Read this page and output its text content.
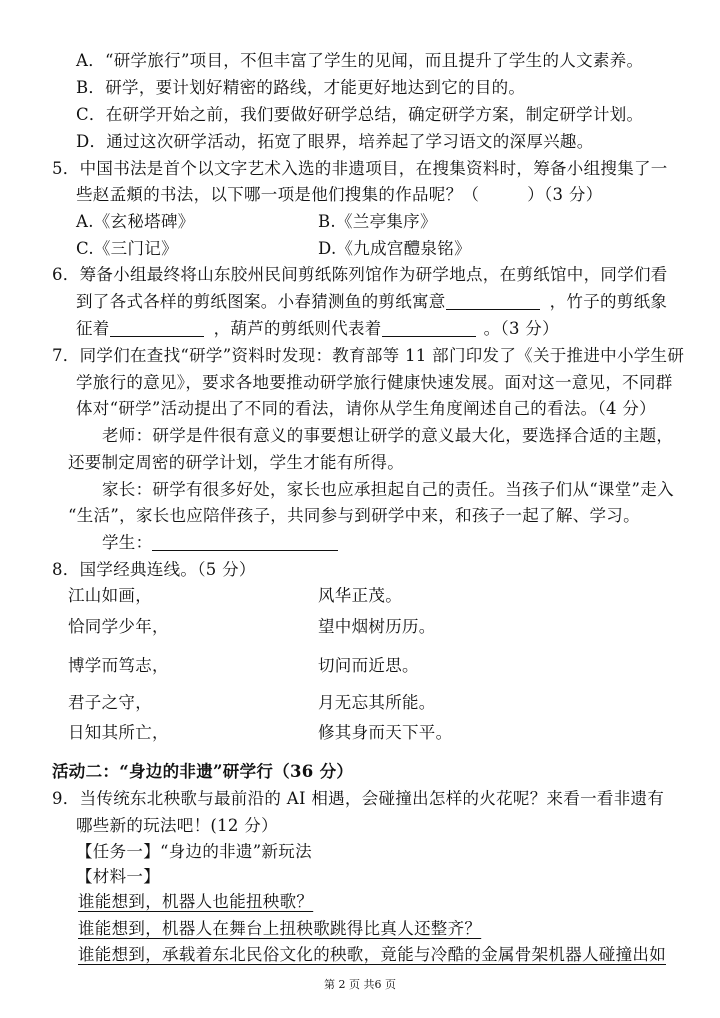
A．“研学旅行”项目，不但丰富了学生的见闻，而且提升了学生的人文素养。
B．研学，要计划好精密的路线，才能更好地达到它的目的。
C．在研学开始之前，我们要做好研学总结，确定研学方案，制定研学计划。
D．通过这次研学活动，拓宽了眼界，培养起了学习语文的深厚兴趣。
5．中国书法是首个以文字艺术入选的非遗项目，在搜集资料时，筹备小组搜集了一
些赵孟頫的书法，以下哪一项是他们搜集的作品呢？（	）（3 分）
A.《玄秘塔碑》	B.《兰亭集序》
C.《三门记》	D.《九成宫醴泉铭》
6．筹备小组最终将山东胶州民间剪纸陈列馆作为研学地点，在剪纸馆中，同学们看
到了各式各样的剪纸图案。小春猜测鱼的剪纸寓意	，竹子的剪纸象
征着	，葫芦的剪纸则代表着	。（3 分）
7．同学们在查找“研学”资料时发现：教育部等 11 部门印发了《关于推进中小学生研
学旅行的意见》，要求各地要推动研学旅行健康快速发展。面对这一意见，不同群
体对“研学”活动提出了不同的看法，请你从学生角度阐述自己的看法。（4 分）
老师：研学是件很有意义的事要想让研学的意义最大化，要选择合适的主题，
还要制定周密的研学计划，学生才能有所得。
家长：研学有很多好处，家长也应承担起自己的责任。当孩子们从“课堂”走入
“生活”，家长也应陪伴孩子，共同参与到研学中来，和孩子一起了解、学习。
学生：
8．国学经典连线。（5 分）
江山如画，	风华正茂。
恰同学少年，	望中烟树历历。
博学而笃志，	切问而近思。
君子之守，	月无忘其所能。
日知其所亡，	修其身而天下平。
活动二：“身边的非遗”研学行（36 分）
9．当传统东北秧歌与最前沿的 AI 相遇，会碰撞出怎样的火花呢？来看一看非遗有
哪些新的玩法吧！(12 分）
【任务一】“身边的非遗”新玩法
【材料一】
谁能想到，机器人也能扭秧歌？
谁能想到，机器人在舞台上扭秧歌跳得比真人还整齐？
谁能想到，承载着东北民俗文化的秧歌，竟能与冷酷的金属骨架机器人碰撞出如
第 2 页 共6 页
